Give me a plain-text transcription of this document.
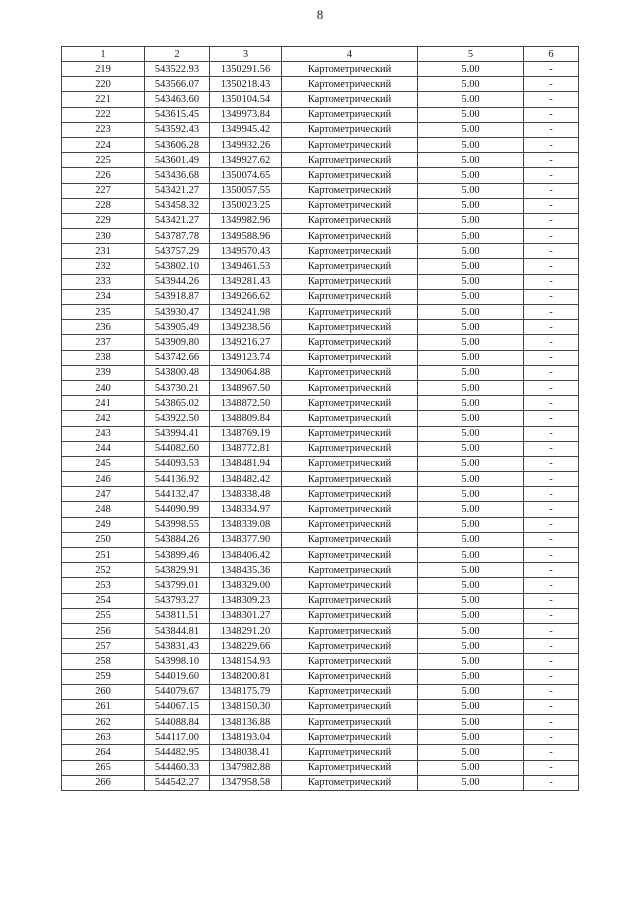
8
1	2	3	4	5	6
219	543522.93	1350291.56	Картометрический	5.00	-
220	543566.07	1350218.43	Картометрический	5.00	-
221	543463.60	1350104.54	Картометрический	5.00	-
222	543615.45	1349973.84	Картометрический	5.00	-
223	543592.43	1349945.42	Картометрический	5.00	-
224	543606.28	1349932.26	Картометрический	5.00	-
225	543601.49	1349927.62	Картометрический	5.00	-
226	543436.68	1350074.65	Картометрический	5.00	-
227	543421.27	1350057.55	Картометрический	5.00	-
228	543458.32	1350023.25	Картометрический	5.00	-
229	543421.27	1349982.96	Картометрический	5.00	-
230	543787.78	1349588.96	Картометрический	5.00	-
231	543757.29	1349570.43	Картометрический	5.00	-
232	543802.10	1349461.53	Картометрический	5.00	-
233	543944.26	1349281.43	Картометрический	5.00	-
234	543918.87	1349266.62	Картометрический	5.00	-
235	543930.47	1349241.98	Картометрический	5.00	-
236	543905.49	1349238.56	Картометрический	5.00	-
237	543909.80	1349216.27	Картометрический	5.00	-
238	543742.66	1349123.74	Картометрический	5.00	-
239	543800.48	1349064.88	Картометрический	5.00	-
240	543730.21	1348967.50	Картометрический	5.00	-
241	543865.02	1348872.50	Картометрический	5.00	-
242	543922.50	1348809.84	Картометрический	5.00	-
243	543994.41	1348769.19	Картометрический	5.00	-
244	544082.60	1348772.81	Картометрический	5.00	-
245	544093.53	1348481.94	Картометрический	5.00	-
246	544136.92	1348482.42	Картометрический	5.00	-
247	544132.47	1348338.48	Картометрический	5.00	-
248	544090.99	1348334.97	Картометрический	5.00	-
249	543998.55	1348339.08	Картометрический	5.00	-
250	543884.26	1348377.90	Картометрический	5.00	-
251	543899.46	1348406.42	Картометрический	5.00	-
252	543829.91	1348435.36	Картометрический	5.00	-
253	543799.01	1348329.00	Картометрический	5.00	-
254	543793.27	1348309.23	Картометрический	5.00	-
255	543811.51	1348301.27	Картометрический	5.00	-
256	543844.81	1348291.20	Картометрический	5.00	-
257	543831.43	1348229.66	Картометрический	5.00	-
258	543998.10	1348154.93	Картометрический	5.00	-
259	544019.60	1348200.81	Картометрический	5.00	-
260	544079.67	1348175.79	Картометрический	5.00	-
261	544067.15	1348150.30	Картометрический	5.00	-
262	544088.84	1348136.88	Картометрический	5.00	-
263	544117.00	1348193.04	Картометрический	5.00	-
264	544482.95	1348038.41	Картометрический	5.00	-
265	544460.33	1347982.88	Картометрический	5.00	-
266	544542.27	1347958.58	Картометрический	5.00	-
